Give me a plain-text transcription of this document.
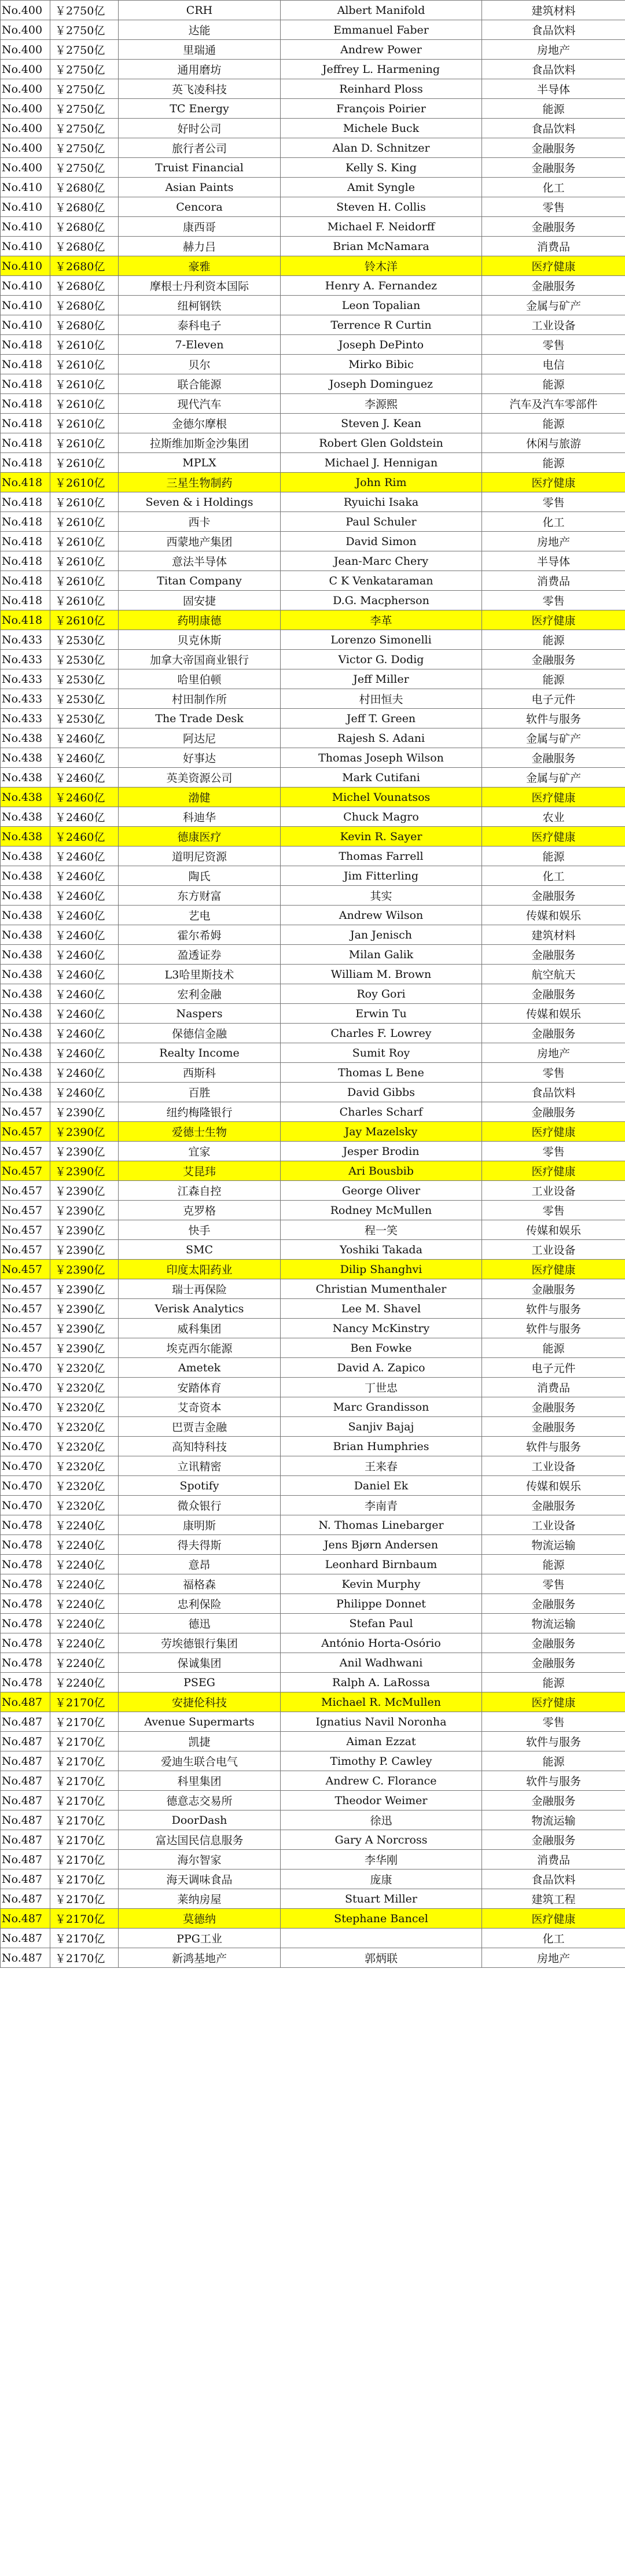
No.400	￥2750亿	CRH	Albert Manifold	建筑材料
No.400	￥2750亿	达能	Emmanuel Faber	食品饮料
No.400	￥2750亿	里瑞通	Andrew Power	房地产
No.400	￥2750亿	通用磨坊	Jeffrey L. Harmening	食品饮料
No.400	￥2750亿	英飞凌科技	Reinhard Ploss	半导体
No.400	￥2750亿	TC Energy	François Poirier	能源
No.400	￥2750亿	好时公司	Michele Buck	食品饮料
No.400	￥2750亿	旅行者公司	Alan D. Schnitzer	金融服务
No.400	￥2750亿	Truist Financial	Kelly S. King	金融服务
No.410	￥2680亿	Asian Paints	Amit Syngle	化工
No.410	￥2680亿	Cencora	Steven H. Collis	零售
No.410	￥2680亿	康西哥	Michael F. Neidorff	金融服务
No.410	￥2680亿	赫力吕	Brian McNamara	消费品
No.410	￥2680亿	豪雅	铃木洋	医疗健康
No.410	￥2680亿	摩根士丹利资本国际	Henry A. Fernandez	金融服务
No.410	￥2680亿	纽柯钢铁	Leon Topalian	金属与矿产
No.410	￥2680亿	泰科电子	Terrence R Curtin	工业设备
No.418	￥2610亿	7-Eleven	Joseph DePinto	零售
No.418	￥2610亿	贝尔	Mirko Bibic	电信
No.418	￥2610亿	联合能源	Joseph Dominguez	能源
No.418	￥2610亿	现代汽车	李源熙	汽车及汽车零部件
No.418	￥2610亿	金德尔摩根	Steven J. Kean	能源
No.418	￥2610亿	拉斯维加斯金沙集团	Robert Glen Goldstein	休闲与旅游
No.418	￥2610亿	MPLX	Michael J. Hennigan	能源
No.418	￥2610亿	三星生物制药	John Rim	医疗健康
No.418	￥2610亿	Seven & i Holdings	Ryuichi Isaka	零售
No.418	￥2610亿	西卡	Paul Schuler	化工
No.418	￥2610亿	西蒙地产集团	David Simon	房地产
No.418	￥2610亿	意法半导体	Jean-Marc Chery	半导体
No.418	￥2610亿	Titan Company	C K Venkataraman	消费品
No.418	￥2610亿	固安捷	D.G. Macpherson	零售
No.418	￥2610亿	药明康德	李革	医疗健康
No.433	￥2530亿	贝克休斯	Lorenzo Simonelli	能源
No.433	￥2530亿	加拿大帝国商业银行	Victor G. Dodig	金融服务
No.433	￥2530亿	哈里伯顿	Jeff Miller	能源
No.433	￥2530亿	村田制作所	村田恒夫	电子元件
No.433	￥2530亿	The Trade Desk	Jeff T. Green	软件与服务
No.438	￥2460亿	阿达尼	Rajesh S. Adani	金属与矿产
No.438	￥2460亿	好事达	Thomas Joseph Wilson	金融服务
No.438	￥2460亿	英美资源公司	Mark Cutifani	金属与矿产
No.438	￥2460亿	渤健	Michel Vounatsos	医疗健康
No.438	￥2460亿	科迪华	Chuck Magro	农业
No.438	￥2460亿	德康医疗	Kevin R. Sayer	医疗健康
No.438	￥2460亿	道明尼资源	Thomas Farrell	能源
No.438	￥2460亿	陶氏	Jim Fitterling	化工
No.438	￥2460亿	东方财富	其实	金融服务
No.438	￥2460亿	艺电	Andrew Wilson	传媒和娱乐
No.438	￥2460亿	霍尔希姆	Jan Jenisch	建筑材料
No.438	￥2460亿	盈透证券	Milan Galik	金融服务
No.438	￥2460亿	L3哈里斯技术	William M. Brown	航空航天
No.438	￥2460亿	宏利金融	Roy Gori	金融服务
No.438	￥2460亿	Naspers	Erwin Tu	传媒和娱乐
No.438	￥2460亿	保德信金融	Charles F. Lowrey	金融服务
No.438	￥2460亿	Realty Income	Sumit Roy	房地产
No.438	￥2460亿	西斯科	Thomas L Bene	零售
No.438	￥2460亿	百胜	David Gibbs	食品饮料
No.457	￥2390亿	纽约梅隆银行	Charles Scharf	金融服务
No.457	￥2390亿	爱德士生物	Jay Mazelsky	医疗健康
No.457	￥2390亿	宜家	Jesper Brodin	零售
No.457	￥2390亿	艾昆玮	Ari Bousbib	医疗健康
No.457	￥2390亿	江森自控	George Oliver	工业设备
No.457	￥2390亿	克罗格	Rodney McMullen	零售
No.457	￥2390亿	快手	程一笑	传媒和娱乐
No.457	￥2390亿	SMC	Yoshiki Takada	工业设备
No.457	￥2390亿	印度太阳药业	Dilip Shanghvi	医疗健康
No.457	￥2390亿	瑞士再保险	Christian Mumenthaler	金融服务
No.457	￥2390亿	Verisk Analytics	Lee M. Shavel	软件与服务
No.457	￥2390亿	威科集团	Nancy McKinstry	软件与服务
No.457	￥2390亿	埃克西尔能源	Ben Fowke	能源
No.470	￥2320亿	Ametek	David A. Zapico	电子元件
No.470	￥2320亿	安踏体育	丁世忠	消费品
No.470	￥2320亿	艾奇资本	Marc Grandisson	金融服务
No.470	￥2320亿	巴贾吉金融	Sanjiv Bajaj	金融服务
No.470	￥2320亿	高知特科技	Brian Humphries	软件与服务
No.470	￥2320亿	立讯精密	王来春	工业设备
No.470	￥2320亿	Spotify	Daniel Ek	传媒和娱乐
No.470	￥2320亿	微众银行	李南青	金融服务
No.478	￥2240亿	康明斯	N. Thomas Linebarger	工业设备
No.478	￥2240亿	得夫得斯	Jens Bjørn Andersen	物流运输
No.478	￥2240亿	意昂	Leonhard Birnbaum	能源
No.478	￥2240亿	福格森	Kevin Murphy	零售
No.478	￥2240亿	忠利保险	Philippe Donnet	金融服务
No.478	￥2240亿	德迅	Stefan Paul	物流运输
No.478	￥2240亿	劳埃德银行集团	António Horta-Osório	金融服务
No.478	￥2240亿	保诚集团	Anil Wadhwani	金融服务
No.478	￥2240亿	PSEG	Ralph A. LaRossa	能源
No.487	￥2170亿	安捷伦科技	Michael R. McMullen	医疗健康
No.487	￥2170亿	Avenue Supermarts	Ignatius Navil Noronha	零售
No.487	￥2170亿	凯捷	Aiman Ezzat	软件与服务
No.487	￥2170亿	爱迪生联合电气	Timothy P. Cawley	能源
No.487	￥2170亿	科里集团	Andrew C. Florance	软件与服务
No.487	￥2170亿	德意志交易所	Theodor Weimer	金融服务
No.487	￥2170亿	DoorDash	徐迅	物流运输
No.487	￥2170亿	富达国民信息服务	Gary A Norcross	金融服务
No.487	￥2170亿	海尔智家	李华刚	消费品
No.487	￥2170亿	海天调味食品	庞康	食品饮料
No.487	￥2170亿	莱纳房屋	Stuart Miller	建筑工程
No.487	￥2170亿	莫德纳	Stephane Bancel	医疗健康
No.487	￥2170亿	PPG工业		化工
No.487	￥2170亿	新鸿基地产	郭炳联	房地产
